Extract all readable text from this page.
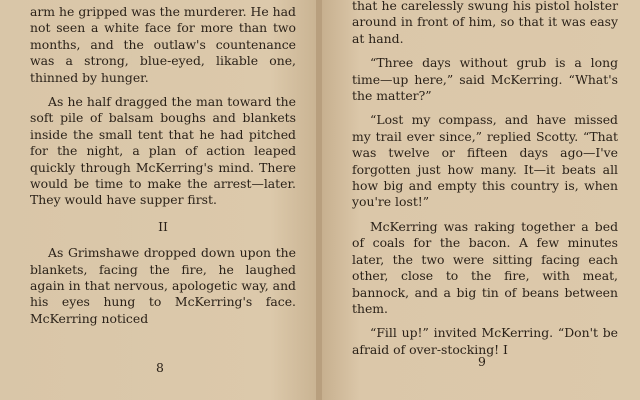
arm he gripped was the murderer. He had not seen a white face for more than two months, and the outlaw's countenance was a strong, blue-eyed, likable one, thinned by hunger.

As he half dragged the man toward the soft pile of balsam boughs and blankets inside the small tent that he had pitched for the night, a plan of action leaped quickly through McKerring's mind. There would be time to make the arrest—later. They would have supper first.

II

As Grimshawe dropped down upon the blankets, facing the fire, he laughed again in that nervous, apologetic way, and his eyes hung to McKerring's face. McKerring noticed

8

that he carelessly swung his pistol holster around in front of him, so that it was easy at hand.

“Three days without grub is a long time—up here,” said McKerring. “What's the matter?”

“Lost my compass, and have missed my trail ever since,” replied Scotty. “That was twelve or fifteen days ago—I've forgotten just how many. It—it beats all how big and empty this country is, when you're lost!”

McKerring was raking together a bed of coals for the bacon. A few minutes later, the two were sitting facing each other, close to the fire, with meat, bannock, and a big tin of beans between them.

“Fill up!” invited McKerring. “Don't be afraid of over-stocking! I

9
